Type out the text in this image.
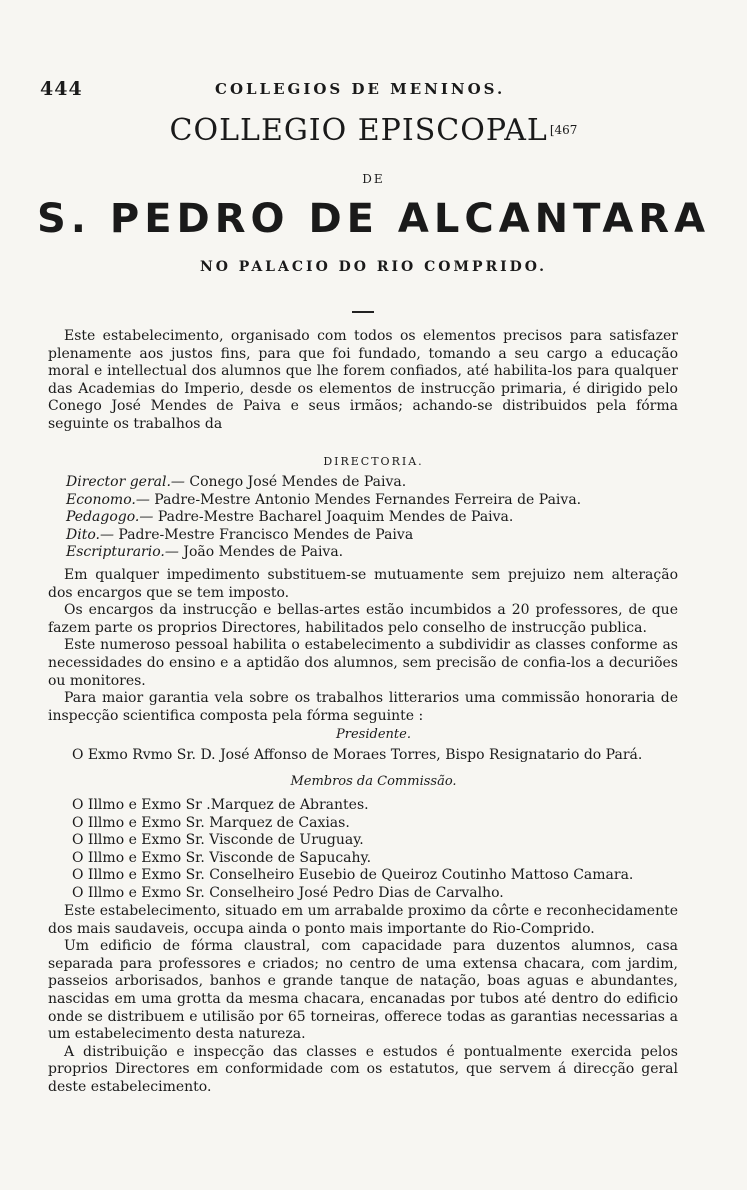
444	COLLEGIOS DE MENINOS.
COLLEGIO EPISCOPAL $^{[467}$
DE
S. PEDRO DE ALCANTARA
NO PALACIO DO RIO COMPRIDO.
Este estabelecimento, organisado com todos os elementos precisos para satisfazer plenamente aos justos fins, para que foi fundado, tomando a seu cargo a educação moral e intellectual dos alumnos que lhe forem confiados, até habilita-los para qualquer das Academias do Imperio, desde os elementos de instrucção primaria, é dirigido pelo Conego José Mendes de Paiva e seus irmãos; achando-se distribuidos pela fórma seguinte os trabalhos da
DIRECTORIA.

Director geral.— Conego José Mendes de Paiva.

Economo.— Padre-Mestre Antonio Mendes Fernandes Ferreira de Paiva.

Pedagogo.— Padre-Mestre Bacharel Joaquim Mendes de Paiva.

Dito.— Padre-Mestre Francisco Mendes de Paiva

Escripturario.— João Mendes de Paiva.

Em qualquer impedimento substituem-se mutuamente sem prejuizo nem alteração dos encargos que se tem imposto.

Os encargos da instrucção e bellas-artes estão incumbidos a 20 professores, de que fazem parte os proprios Directores, habilitados pelo conselho de instrucção publica.

Este numeroso pessoal habilita o estabelecimento a subdividir as classes conforme as necessidades do ensino e a aptidão dos alumnos, sem precisão de confia-los a decuriões ou monitores.

Para maior garantia vela sobre os trabalhos litterarios uma commissão honoraria de inspecção scientifica composta pela fórma seguinte :

Presidente.
O Exmo Rvmo Sr. D. José Affonso de Moraes Torres, Bispo Resignatario do Pará.
Membros da Commissão.

O Illmo e Exmo Sr .Marquez de Abrantes.

O Illmo e Exmo Sr. Marquez de Caxias.

O Illmo e Exmo Sr. Visconde de Uruguay.

O Illmo e Exmo Sr. Visconde de Sapucahy.

O Illmo e Exmo Sr. Conselheiro Eusebio de Queiroz Coutinho Mattoso Camara.

O Illmo e Exmo Sr. Conselheiro José Pedro Dias de Carvalho.

Este estabelecimento, situado em um arrabalde proximo da côrte e reconhecidamente dos mais saudaveis, occupa ainda o ponto mais importante do Rio-Comprido.

Um edificio de fórma claustral, com capacidade para duzentos alumnos, casa separada para professores e criados; no centro de uma extensa chacara, com jardim, passeios arborisados, banhos e grande tanque de natação, boas aguas e abundantes, nascidas em uma grotta da mesma chacara, encanadas por tubos até dentro do edificio onde se distribuem e utilisão por 65 torneiras, offerece todas as garantias necessarias a um estabelecimento desta natureza.

A distribuição e inspecção das classes e estudos é pontualmente exercida pelos proprios Directores em conformidade com os estatutos, que servem á direcção geral deste estabelecimento.
